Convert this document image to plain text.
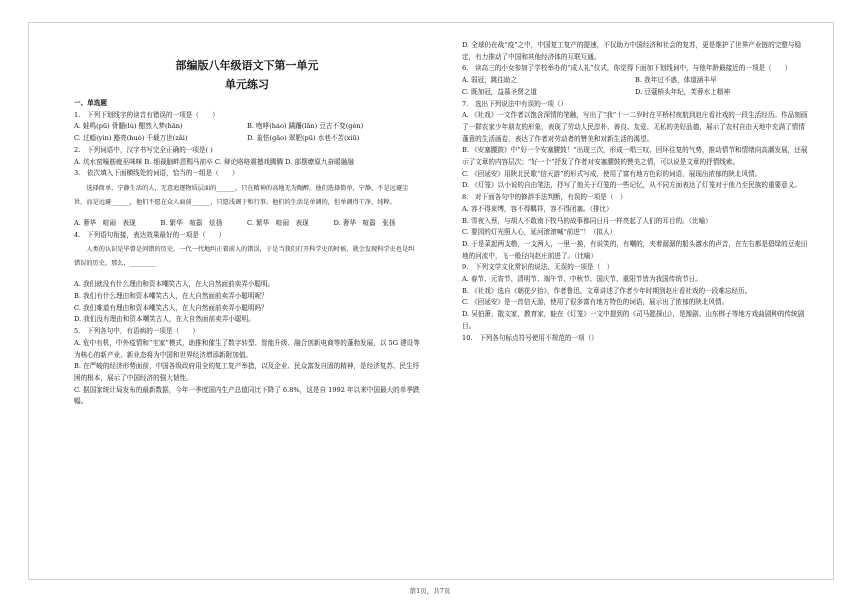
部编版八年级语文下第一单元
单元练习
一、单选题
1.　下列下划线字的读音有错误的一项是（　　）
A. 蛙鸣(pū) 骨髓(lù) 酣然入梦(hān)	B. 咆哮(háo) 蹒跚(lǎn) 豆古不变(gèn)
C. 过瘾(yìn) 豁亮(huò) 千载万世(zǎi)	D. 羞怯(gāo) 翠肥(pū) 水巷不苫(xiū)
2.　下列词语中，汉字书写完全正确的一项是( )
A. 坑水窑嚎筋疲巫咪咪 B. 细裁脑畔恩赐马前卒 C. 辩论咯咯震撼戏腾腾 D. 部摆缭原九奋暖融融
3.　依次填入下面横线处的词语，恰当的一组是（　　）
选择简单，宁静生活的人，无意追逐物质层面的_____，只在精神的高地无为陶醉。他们选择简单，宁静，不是远避尘世，而是远避_____，他们不愿在众人面前_____，只愿浅调于和行事。他们的生活是单调的，但单调得干净、纯粹。
A. 奢华　喧闹　表现	B. 繁华　喧嚣　炫扬	C. 繁华　喧闹　表现	D. 奢华　喧嚣　张扬
4.　下列语句衔接，表达效果最好的一项是（　　）
人类的认识是毕曾是问错的历史，一代一代地纠正着前人的错误，于是当我们打开科学史的时候，就会发现科学史也是纠错误的历史。那么，_______
A. 我们就没有什么理由和资本嘲笑古人，在大自然面前卖弄小聪明。
B. 我们有什么理由和资本嘲笑古人，在大自然面前卖弄小聪明呢？
C. 我们难道有理由和资本嘲笑古人，在大自然面前卖弄小聪明吗？
D. 我们没有理由和资本嘲笑古人，在大自然面前卖弄小聪明。
5.　下列各句中，有语病的一项是（　　）
A. 危中有机，中外疫情和“宅家”模式，助推和催生了数字转型、智能升级、融合创新电商等的蓬勃发展，以 5G 建设等为核心的新产业、新业态将为中国和世界经济增添新附加值。
B. 在严峻的经济形势面前，中国各级政府用全的复工复产举措，以及企业、民众富发自固的精神，是经济复苏、民生纾困的根本，展示了中国经济的强大韧性。
C. 据国家统计局发布的最新数据，今年一季度国内生产总值同比下降了 6.8%，这是自 1992 年以来中国最大的单季跌幅。
D. 全球仍在战“疫”之中，中国复工复产的提速，不仅助力中国经济和社会的复苏，更是维护了世界产业链的完整与稳定，有力推动了中国和其他经济体的互联互通。
6.　读高三的小女参加了学校举办的“成人礼”仪式，你觉得下面加下划线词中，与他年龄最接近的一项是（　　）
A. 弱冠，跳往助之	B. 我年过不惑，体道涵丰早
C. 既加冠，益慕圣贤之道	D. 豆蔻梢头年纪，芙蓉水上精神
7.　选出下列说法中有误的一项（）
A. 《社戏》一文作者以饱含深情的笔触，写出了“我”十一二岁时在平桥村夜航到赵庄看社戏的一段生活经历。作品刻画了一群农家少年朋友的形象，表现了劳动人民淳朴、善良、友爱、无私的美好品德，展示了农村自由天地中充满了情情蓬意的生活画卷，表达了作者对劳动者的赞美和对新生活的渴望。
B. 《安塞腰鼓》中“好一个安塞腰鼓！”出现三次，形成一唱三叹、回环往复的气势，推动情节和情绪向高潮发展，还展示了文章的内容层次；“好一个”抒发了作者对安塞腰鼓的赞美之情，可以说是文章的抒情线索。
C. 《回延安》用陕北民歌“信天游”的形式写成，使用了富有地方色彩的词语，展现出浓郁的陕北风情。
D. 《灯笼》以小说的自由笔法，抒写了他关于灯笼的一些记忆，从不同方面表达了灯笼对于他乃至民族的重要意义。
8.　对下面各句中的修辞手法判断，有误的一项是（　）
A. 容不得束缚，容不得羁祥，容不得闭塞。（排比）
B. 雪夜入蔡，与胡人不敢南下牧马的故事都同日月一样亮起了人们的耳目的。（比喻）
C. 要园的灯光照人心，延河滚滚喊“前进”！（拟人）
D. 于是菜起两支橹，一支两人，一里一换，有说笑的，有嘲的，夹着潺潺的船头激水的声音，在左右都是碧绿的豆麦田地的河流中，飞一般径向赵庄前进了。（比喻）
9.　下列文学文化常识的说法，无误的一项是（　）
A. 春节、元宵节、清明节、端午节、中秋节、国庆节、重阳节皆为我国传统节日。
B. 《社戏》选自《朝花夕拾》，作者鲁迅，文章讲述了作者少年时期到赵庄看社戏的一段难忘经历。
C. 《回延安》是一首信天游，使用了很多富有地方特色的词语，展示出了浓郁的陕北风情。
D. 吴伯箫，散文家，教育家，蛙在《灯笼》一文中提到的《司马懿探山》，是豫剧、山东梆子等地方戏曲剧种的传统剧目。
10.　下列各句标点符号使用不规范的一项（）
第1页，共7页
